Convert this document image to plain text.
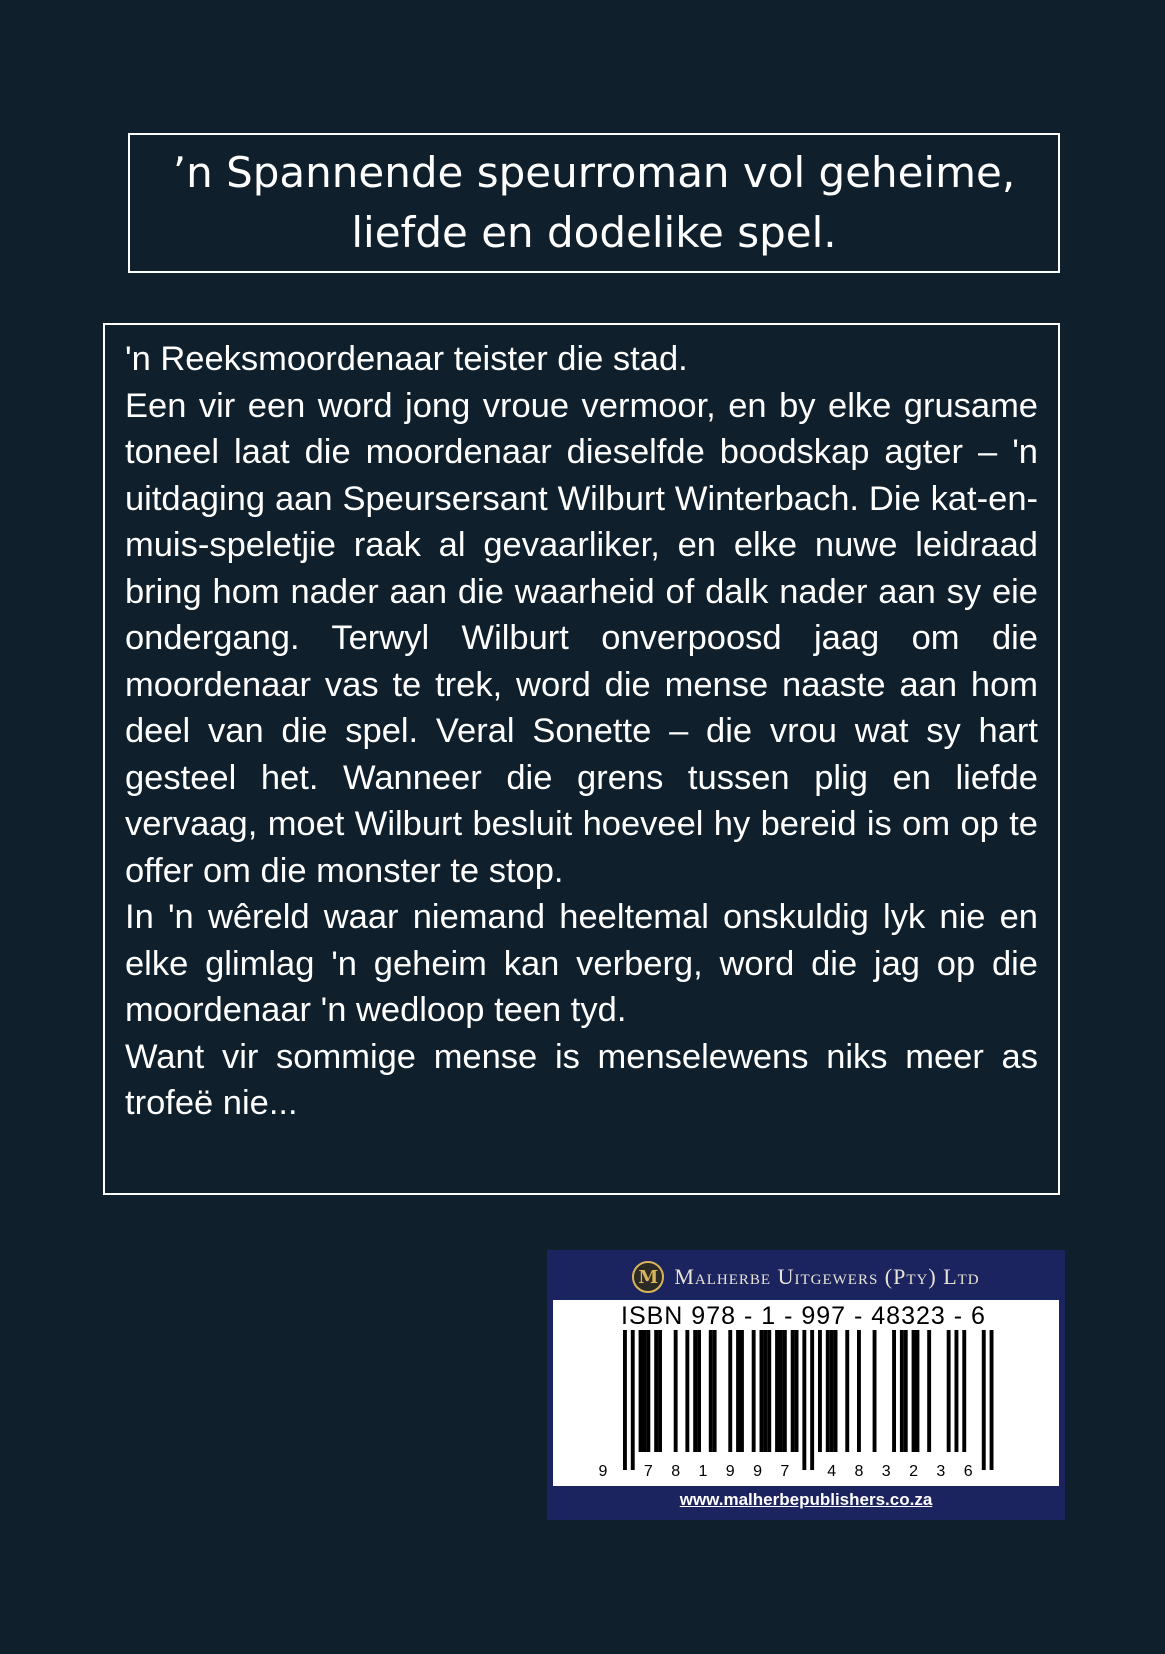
’n Spannende speurroman vol geheime,
liefde en dodelike spel.

'n Reeksmoordenaar teister die stad.

Een vir een word jong vroue vermoor, en by elke grusame toneel laat die moordenaar dieselfde boodskap agter – 'n uitdaging aan Speursersant Wilburt Winterbach. Die kat-en-muis-speletjie raak al gevaarliker, en elke nuwe leidraad bring hom nader aan die waarheid of dalk nader aan sy eie ondergang. Terwyl Wilburt onverpoosd jaag om die moordenaar vas te trek, word die mense naaste aan hom deel van die spel. Veral Sonette – die vrou wat sy hart gesteel het. Wanneer die grens tussen plig en liefde vervaag, moet Wilburt besluit hoeveel hy bereid is om op te offer om die monster te stop.

In 'n wêreld waar niemand heeltemal onskuldig lyk nie en elke glimlag 'n geheim kan verberg, word die jag op die moordenaar 'n wedloop teen tyd.

Want vir sommige mense is menselewens niks meer as trofeë nie...

M Malherbe Uitgewers (Pty) Ltd
ISBN 978 - 1 - 997 - 48323 - 6
9 7 8 1 9 9 7 4 8 3 2 3 6
www.malherbepublishers.co.za
